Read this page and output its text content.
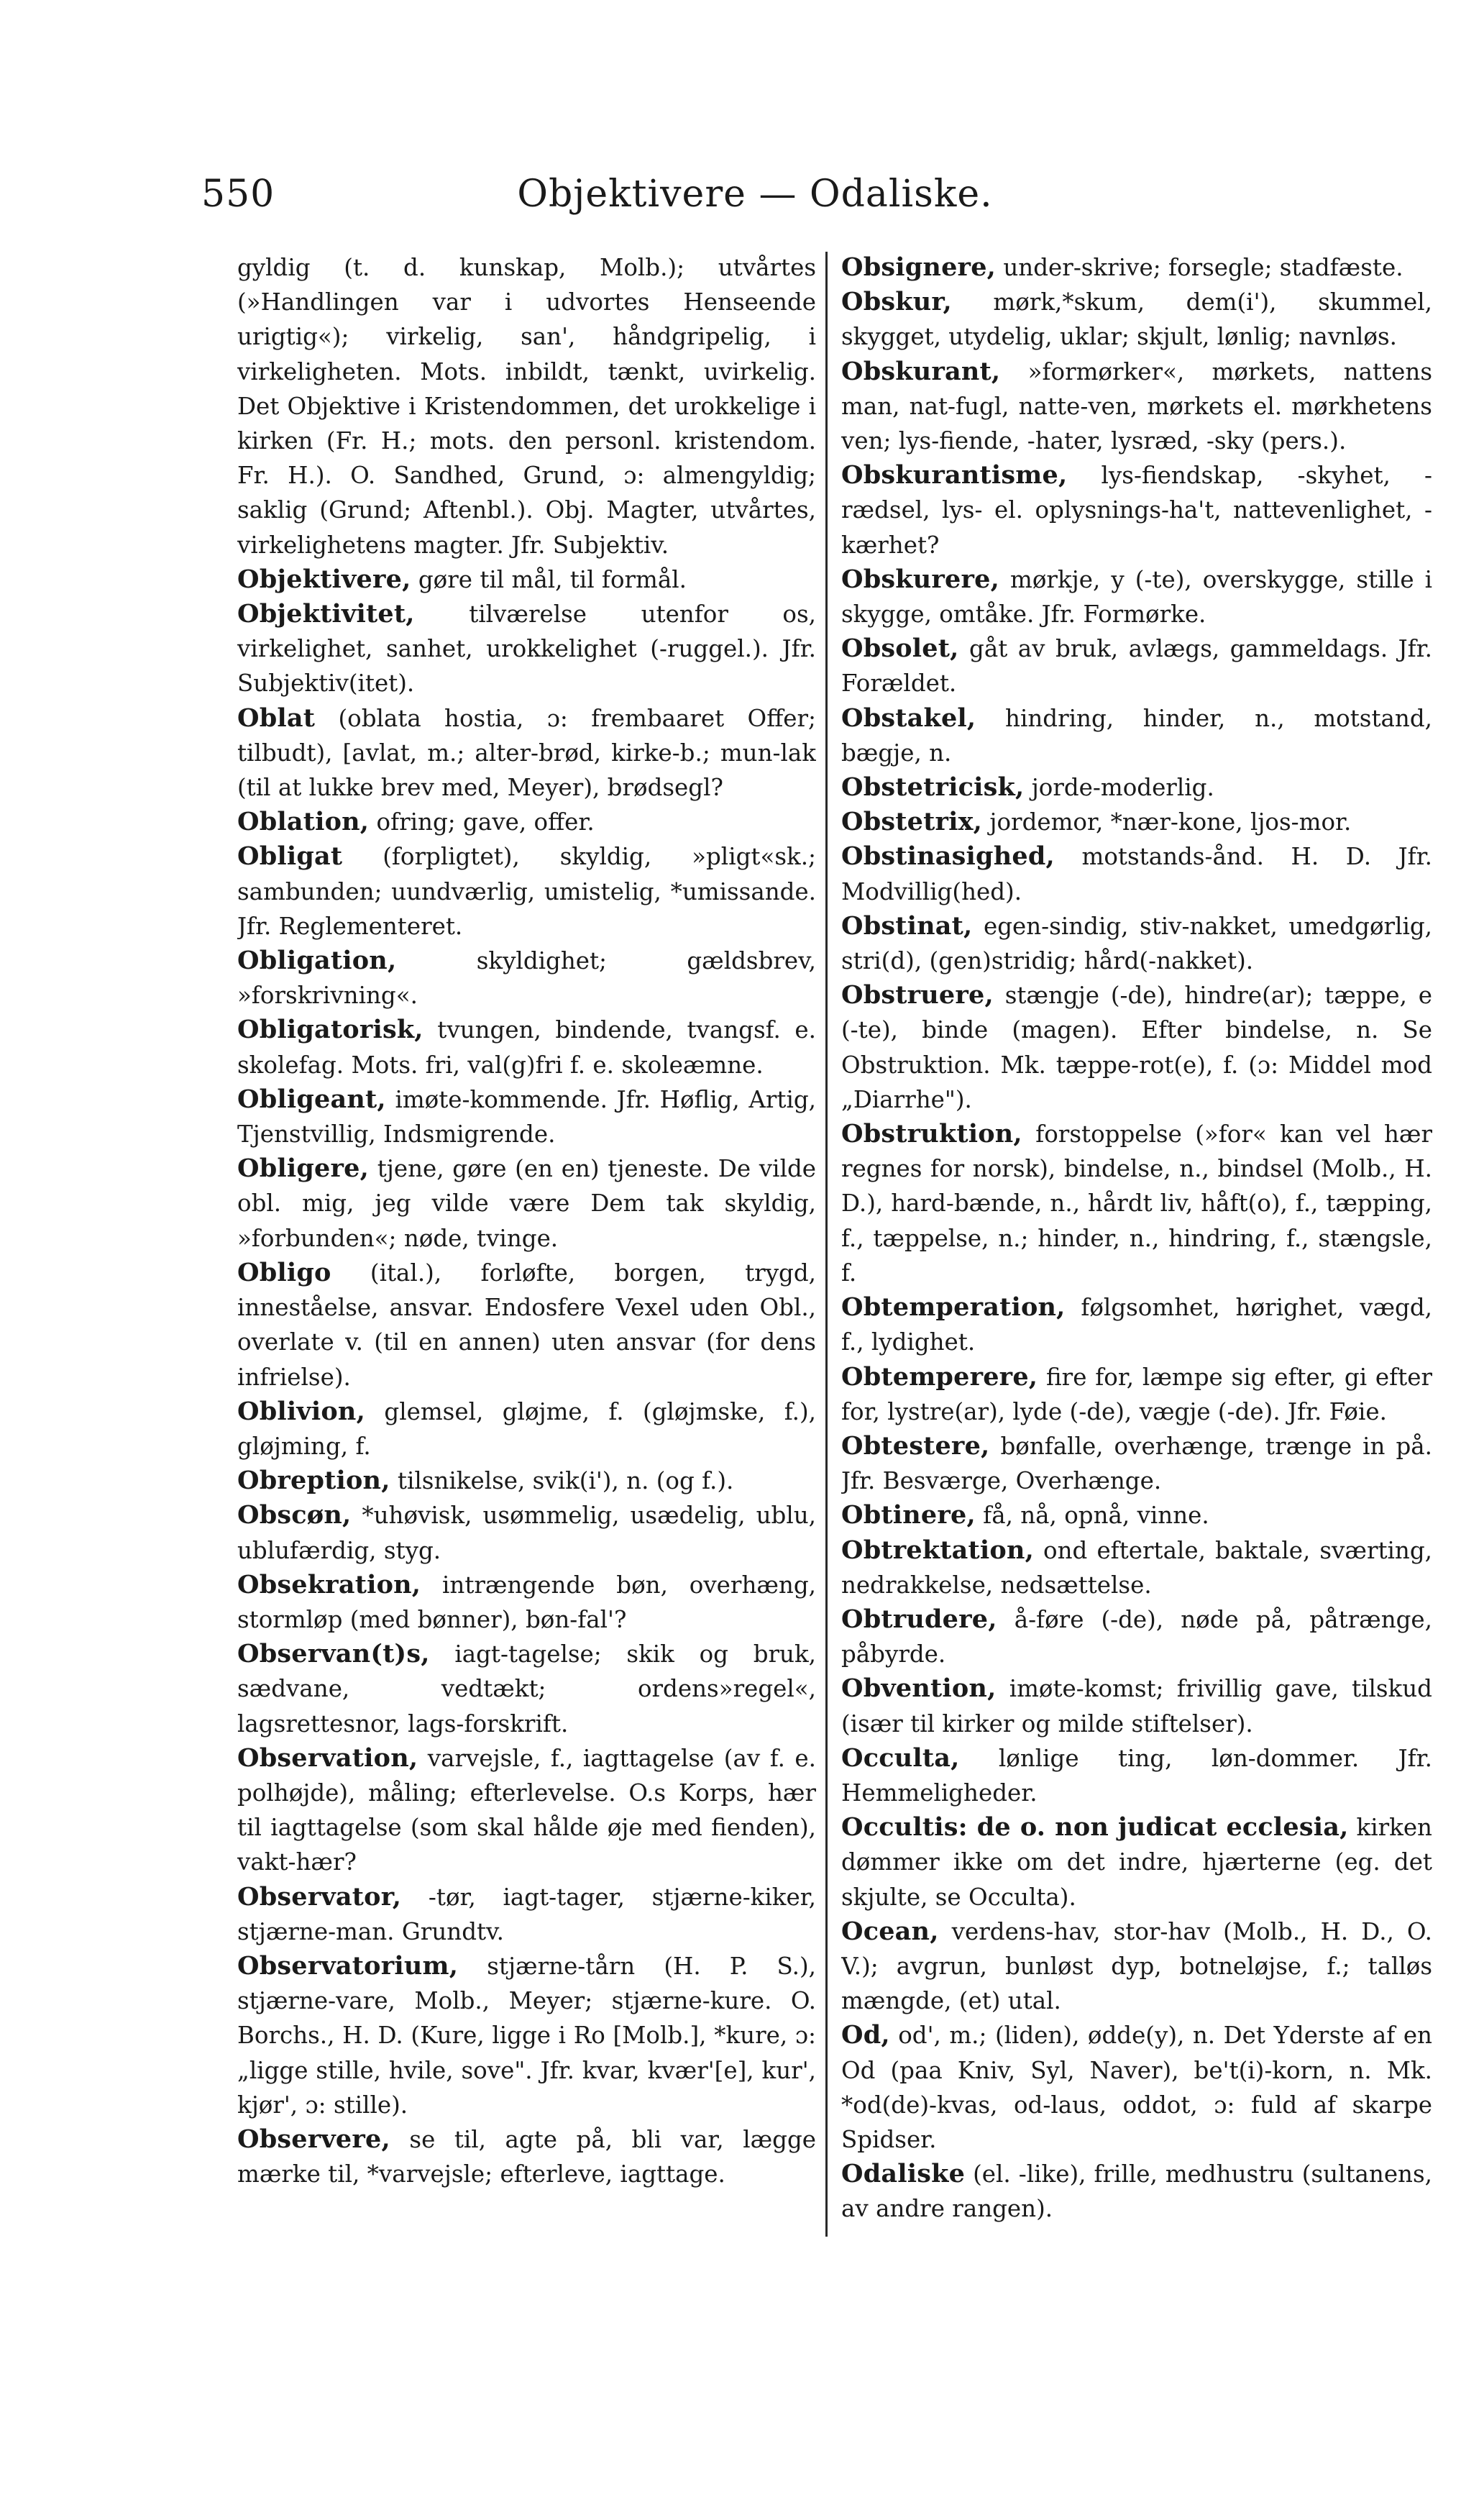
550	Objektivere — Odaliske.

gyldig (t. d. kunskap, Molb.); utvårtes (»Handlingen var i udvortes Henseende urigtig«); virkelig, san', håndgripelig, i virkeligheten. Mots. inbildt, tænkt, uvirkelig. Det Objektive i Kristendommen, det urokkelige i kirken (Fr. H.; mots. den personl. kristendom. Fr. H.). O. Sandhed, Grund, ɔ: almengyldig; saklig (Grund; Aftenbl.). Obj. Magter, utvårtes, virkelighetens magter. Jfr. Subjektiv.

Objektivere, gøre til mål, til formål.

Objektivitet, tilværelse utenfor os, virkelighet, sanhet, urokkelighet (-ruggel.). Jfr. Subjektiv(itet).

Oblat (oblata hostia, ɔ: frembaaret Offer; tilbudt), [avlat, m.; alter-brød, kirke-b.; mun-lak (til at lukke brev med, Meyer), brødsegl?

Oblation, ofring; gave, offer.

Obligat (forpligtet), skyldig, »pligt«sk.; sambunden; uundværlig, umistelig, *umissande. Jfr. Reglementeret.

Obligation, skyldighet; gældsbrev, »forskrivning«.

Obligatorisk, tvungen, bindende, tvangsf. e. skolefag. Mots. fri, val(g)fri f. e. skoleæmne.

Obligeant, imøte-kommende. Jfr. Høflig, Artig, Tjenstvillig, Indsmigrende.

Obligere, tjene, gøre (en en) tjeneste. De vilde obl. mig, jeg vilde være Dem tak skyldig, »forbunden«; nøde, tvinge.

Obligo (ital.), forløfte, borgen, trygd, inneståelse, ansvar. Endosfere Vexel uden Obl., overlate v. (til en annen) uten ansvar (for dens infrielse).

Oblivion, glemsel, gløjme, f. (gløjmske, f.), gløjming, f.

Obreption, tilsnikelse, svik(i'), n. (og f.).

Obscøn, *uhøvisk, usømmelig, usædelig, ublu, ublufærdig, styg.

Obsekration, intrængende bøn, overhæng, stormløp (med bønner), bøn-fal'?

Observan(t)s, iagt-tagelse; skik og bruk, sædvane, vedtækt; ordens»regel«, lagsrettesnor, lags-forskrift.

Observation, varvejsle, f., iagttagelse (av f. e. polhøjde), måling; efterlevelse. O.s Korps, hær til iagttagelse (som skal hålde øje med fienden), vakt-hær?

Observator, -tør, iagt-tager, stjærne-kiker, stjærne-man. Grundtv.

Observatorium, stjærne-tårn (H. P. S.), stjærne-vare, Molb., Meyer; stjærne-kure. O. Borchs., H. D. (Kure, ligge i Ro [Molb.], *kure, ɔ: „ligge stille, hvile, sove". Jfr. kvar, kvær'[e], kur', kjør', ɔ: stille).

Observere, se til, agte på, bli var, lægge mærke til, *varvejsle; efterleve, iagttage.

Obsignere, under-skrive; forsegle; stadfæste.

Obskur, mørk,*skum, dem(i'), skummel, skygget, utydelig, uklar; skjult, lønlig; navnløs.

Obskurant, »formørker«, mørkets, nattens man, nat-fugl, natte-ven, mørkets el. mørkhetens ven; lys-fiende, -hater, lysræd, -sky (pers.).

Obskurantisme, lys-fiendskap, -skyhet, -rædsel, lys- el. oplysnings-ha't, nattevenlighet, -kærhet?

Obskurere, mørkje, y (-te), overskygge, stille i skygge, omtåke. Jfr. Formørke.

Obsolet, gåt av bruk, avlægs, gammeldags. Jfr. Forældet.

Obstakel, hindring, hinder, n., motstand, bægje, n.

Obstetricisk, jorde-moderlig.

Obstetrix, jordemor, *nær-kone, ljos-mor.

Obstinasighed, motstands-ånd. H. D. Jfr. Modvillig(hed).

Obstinat, egen-sindig, stiv-nakket, umedgørlig, stri(d), (gen)stridig; hård(-nakket).

Obstruere, stængje (-de), hindre(ar); tæppe, e (-te), binde (magen). Efter bindelse, n. Se Obstruktion. Mk. tæppe-rot(e), f. (ɔ: Middel mod „Diarrhe").

Obstruktion, forstoppelse (»for« kan vel hær regnes for norsk), bindelse, n., bindsel (Molb., H. D.), hard-bænde, n., hårdt liv, håft(o), f., tæpping, f., tæppelse, n.; hinder, n., hindring, f., stængsle, f.

Obtemperation, følgsomhet, hørighet, vægd, f., lydighet.

Obtemperere, fire for, læmpe sig efter, gi efter for, lystre(ar), lyde (-de), vægje (-de). Jfr. Føie.

Obtestere, bønfalle, overhænge, trænge in på. Jfr. Besværge, Overhænge.

Obtinere, få, nå, opnå, vinne.

Obtrektation, ond eftertale, baktale, sværting, nedrakkelse, nedsættelse.

Obtrudere, å-føre (-de), nøde på, påtrænge, påbyrde.

Obvention, imøte-komst; frivillig gave, tilskud (især til kirker og milde stiftelser).

Occulta, lønlige ting, løn-dommer. Jfr. Hemmeligheder.

Occultis: de o. non judicat ecclesia, kirken dømmer ikke om det indre, hjærterne (eg. det skjulte, se Occulta).

Ocean, verdens-hav, stor-hav (Molb., H. D., O. V.); avgrun, bunløst dyp, botneløjse, f.; talløs mængde, (et) utal.

Od, od', m.; (liden), ødde(y), n. Det Yderste af en Od (paa Kniv, Syl, Naver), be't(i)-korn, n. Mk. *od(de)-kvas, od-laus, oddot, ɔ: fuld af skarpe Spidser.

Odaliske (el. -like), frille, medhustru (sultanens, av andre rangen).
